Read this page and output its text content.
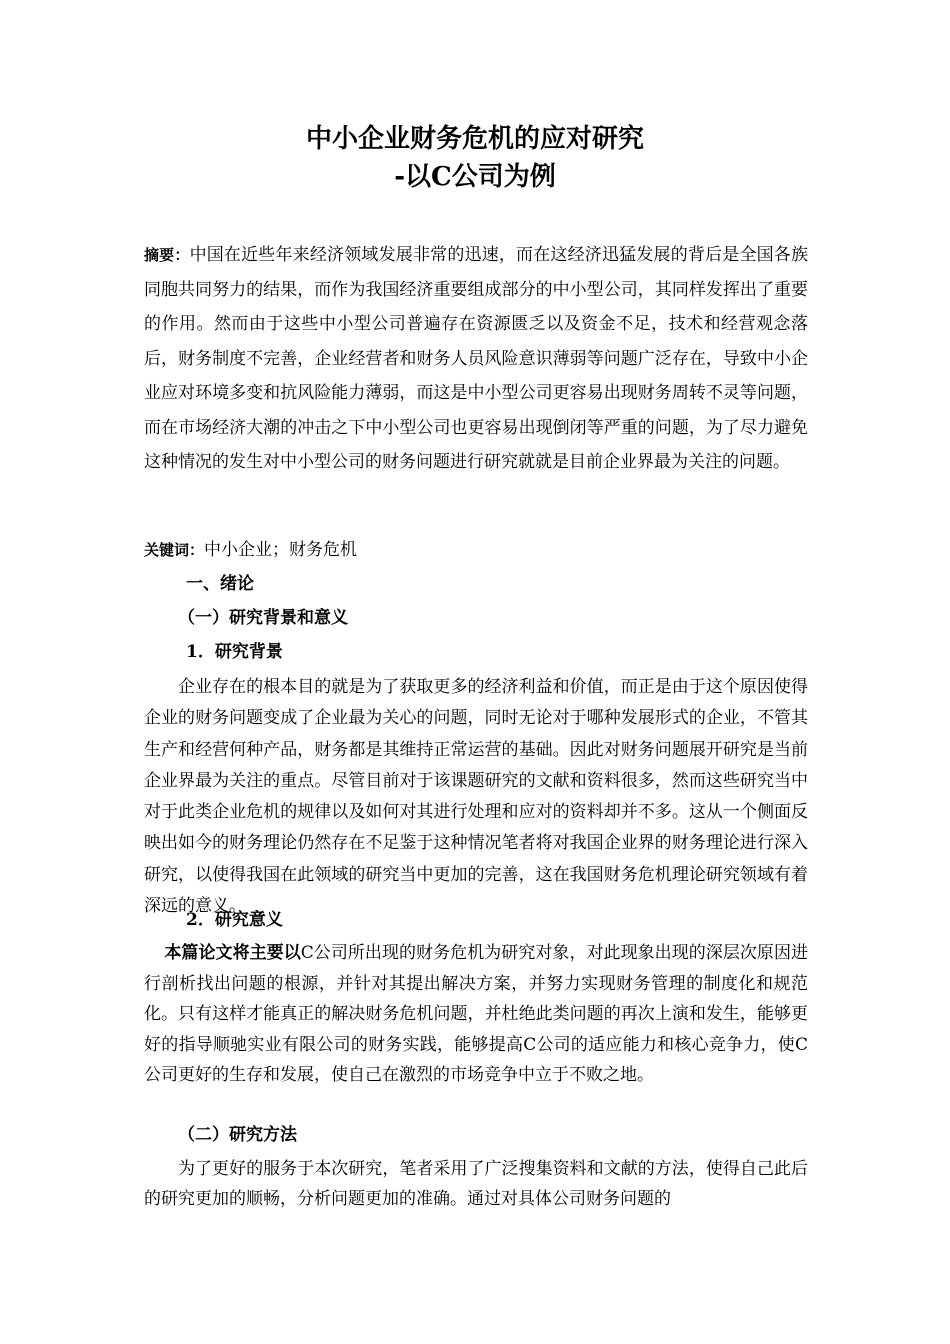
中小企业财务危机的应对研究
-以C公司为例

摘要：中国在近些年来经济领域发展非常的迅速，而在这经济迅猛发展的背后是全国各族同胞共同努力的结果，而作为我国经济重要组成部分的中小型公司，其同样发挥出了重要的作用。然而由于这些中小型公司普遍存在资源匮乏以及资金不足，技术和经营观念落后，财务制度不完善，企业经营者和财务人员风险意识薄弱等问题广泛存在，导致中小企业应对环境多变和抗风险能力薄弱，而这是中小型公司更容易出现财务周转不灵等问题，而在市场经济大潮的冲击之下中小型公司也更容易出现倒闭等严重的问题，为了尽力避免这种情况的发生对中小型公司的财务问题进行研究就就是目前企业界最为关注的问题。

关键词：中小企业；财务危机
一、绪论
（一）研究背景和意义
1．研究背景

企业存在的根本目的就是为了获取更多的经济利益和价值，而正是由于这个原因使得企业的财务问题变成了企业最为关心的问题，同时无论对于哪种发展形式的企业，不管其生产和经营何种产品，财务都是其维持正常运营的基础。因此对财务问题展开研究是当前企业界最为关注的重点。尽管目前对于该课题研究的文献和资料很多，然而这些研究当中对于此类企业危机的规律以及如何对其进行处理和应对的资料却并不多。这从一个侧面反映出如今的财务理论仍然存在不足鉴于这种情况笔者将对我国企业界的财务理论进行深入研究，以使得我国在此领域的研究当中更加的完善，这在我国财务危机理论研究领域有着深远的意义。

2．研究意义

本篇论文将主要以C公司所出现的财务危机为研究对象，对此现象出现的深层次原因进行剖析找出问题的根源，并针对其提出解决方案，并努力实现财务管理的制度化和规范化。只有这样才能真正的解决财务危机问题，并杜绝此类问题的再次上演和发生，能够更好的指导顺驰实业有限公司的财务实践，能够提高C公司的适应能力和核心竞争力，使C公司更好的生存和发展，使自己在激烈的市场竞争中立于不败之地。

（二）研究方法

为了更好的服务于本次研究，笔者采用了广泛搜集资料和文献的方法，使得自己此后的研究更加的顺畅，分析问题更加的准确。通过对具体公司财务问题的
